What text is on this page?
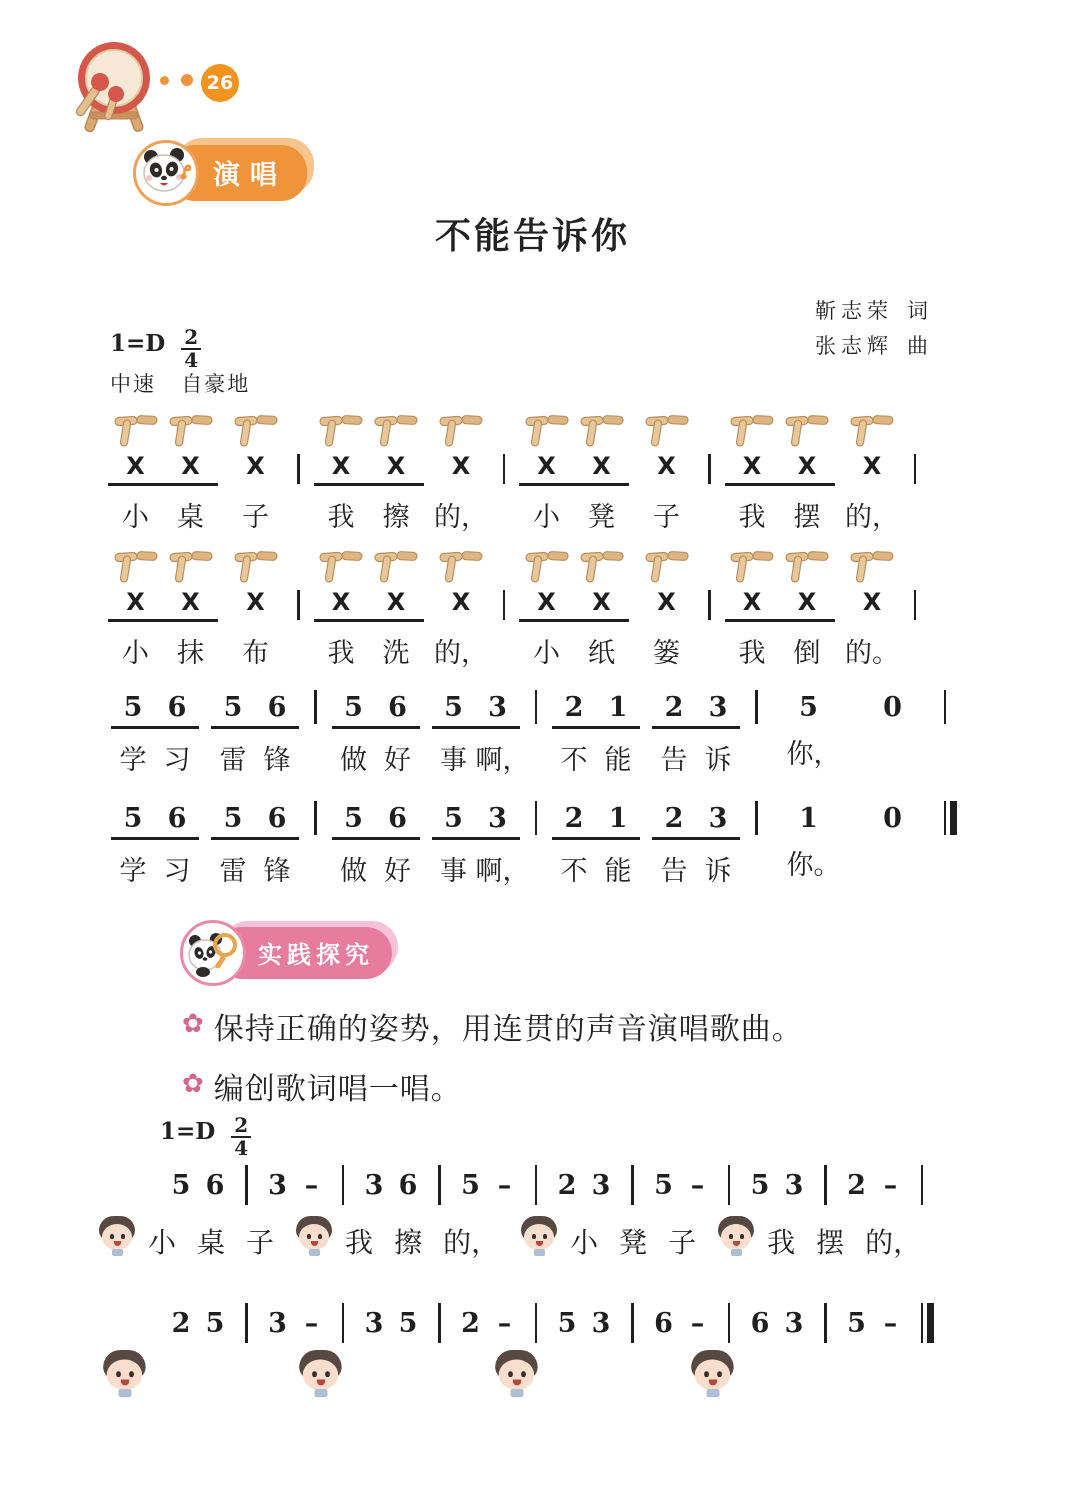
26
演唱
不能告诉你
靳志荣 词
张志辉 曲
$1=D \frac{2}{4}$
中速 自豪地
X X X
小	桌	子
X X X
我	擦 的，
X X X
小	凳	子
X X X
我	摆 的，
X X X
小	抹	布
X X X
我	洗 的，
X X X
小	纸	篓
X X X
我	倒 的。
5 6 5 6
学 习	雷 锋
5 6 5 3
做 好	事 啊，
2 1 2 3
不 能	告 诉
5 0
你，
5 6 5 6
学 习	雷 锋
5 6 5 3
做 好	事 啊，
2 1 2 3
不 能	告 诉
1 0
你。
实践探究
✿ 保持正确的姿势，用连贯的声音演唱歌曲。
✿ 编创歌词唱一唱。
$1=D \frac{2}{4}$
5 6 3 – 3 6 5 – 2 3 5 – 5 3 2 –
小 桌 子	我 擦 的，	小 凳 子	我 摆 的，
2 5 3 – 3 5 2 – 5 3 6 – 6 3 5 –
